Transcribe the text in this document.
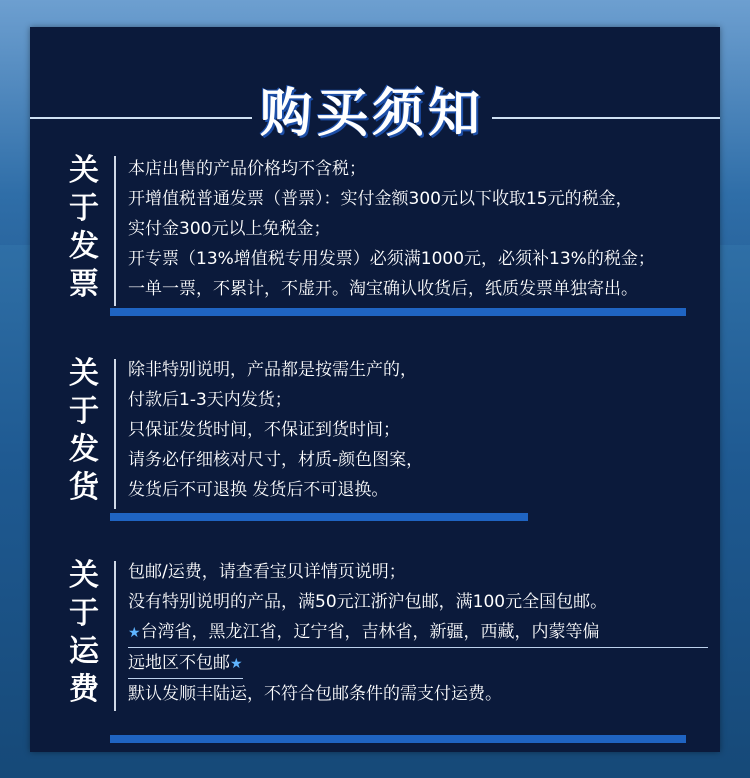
购买须知
关
于
发
票
本店出售的产品价格均不含税；
开增值税普通发票（普票）：实付金额300元以下收取15元的税金，
实付金300元以上免税金；
开专票（13%增值税专用发票）必须满1000元，必须补13%的税金；
一单一票，不累计，不虚开。淘宝确认收货后，纸质发票单独寄出。
关
于
发
货
除非特别说明，产品都是按需生产的，
付款后1-3天内发货；
只保证发货时间，不保证到货时间；
请务必仔细核对尺寸，材质-颜色图案，
发货后不可退换 发货后不可退换。
关
于
运
费
包邮/运费，请查看宝贝详情页说明；
没有特别说明的产品，满50元江浙沪包邮，满100元全国包邮。
★台湾省，黑龙江省，辽宁省，吉林省，新疆，西藏，内蒙等偏
远地区不包邮★
默认发顺丰陆运，不符合包邮条件的需支付运费。
